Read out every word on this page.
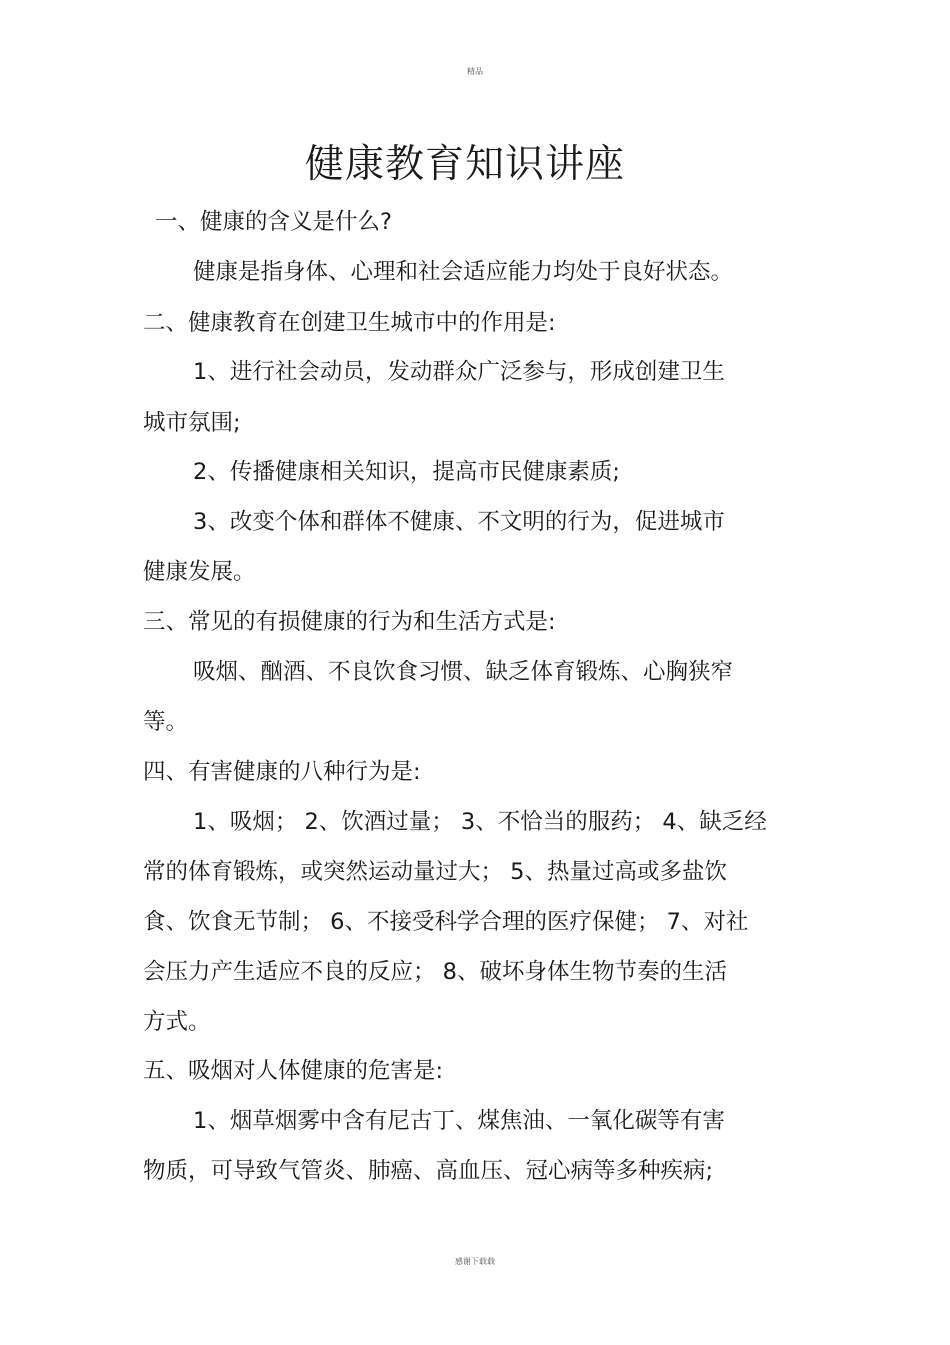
精品
健康教育知识讲座
一、健康的含义是什么?
健康是指身体、心理和社会适应能力均处于良好状态。
二、健康教育在创建卫生城市中的作用是:
1、进行社会动员，发动群众广泛参与，形成创建卫生
城市氛围;
2、传播健康相关知识，提高市民健康素质;
3、改变个体和群体不健康、不文明的行为，促进城市
健康发展。
三、常见的有损健康的行为和生活方式是:
吸烟、酗酒、不良饮食习惯、缺乏体育锻炼、心胸狭窄
等。
四、有害健康的八种行为是:
1、吸烟； 2、饮酒过量； 3、不恰当的服药； 4、缺乏经
常的体育锻炼，或突然运动量过大； 5、热量过高或多盐饮
食、饮食无节制； 6、不接受科学合理的医疗保健； 7、对社
会压力产生适应不良的反应； 8、破坏身体生物节奏的生活
方式。
五、吸烟对人体健康的危害是:
1、烟草烟雾中含有尼古丁、煤焦油、一氧化碳等有害
物质，可导致气管炎、肺癌、高血压、冠心病等多种疾病;
感谢下载载
